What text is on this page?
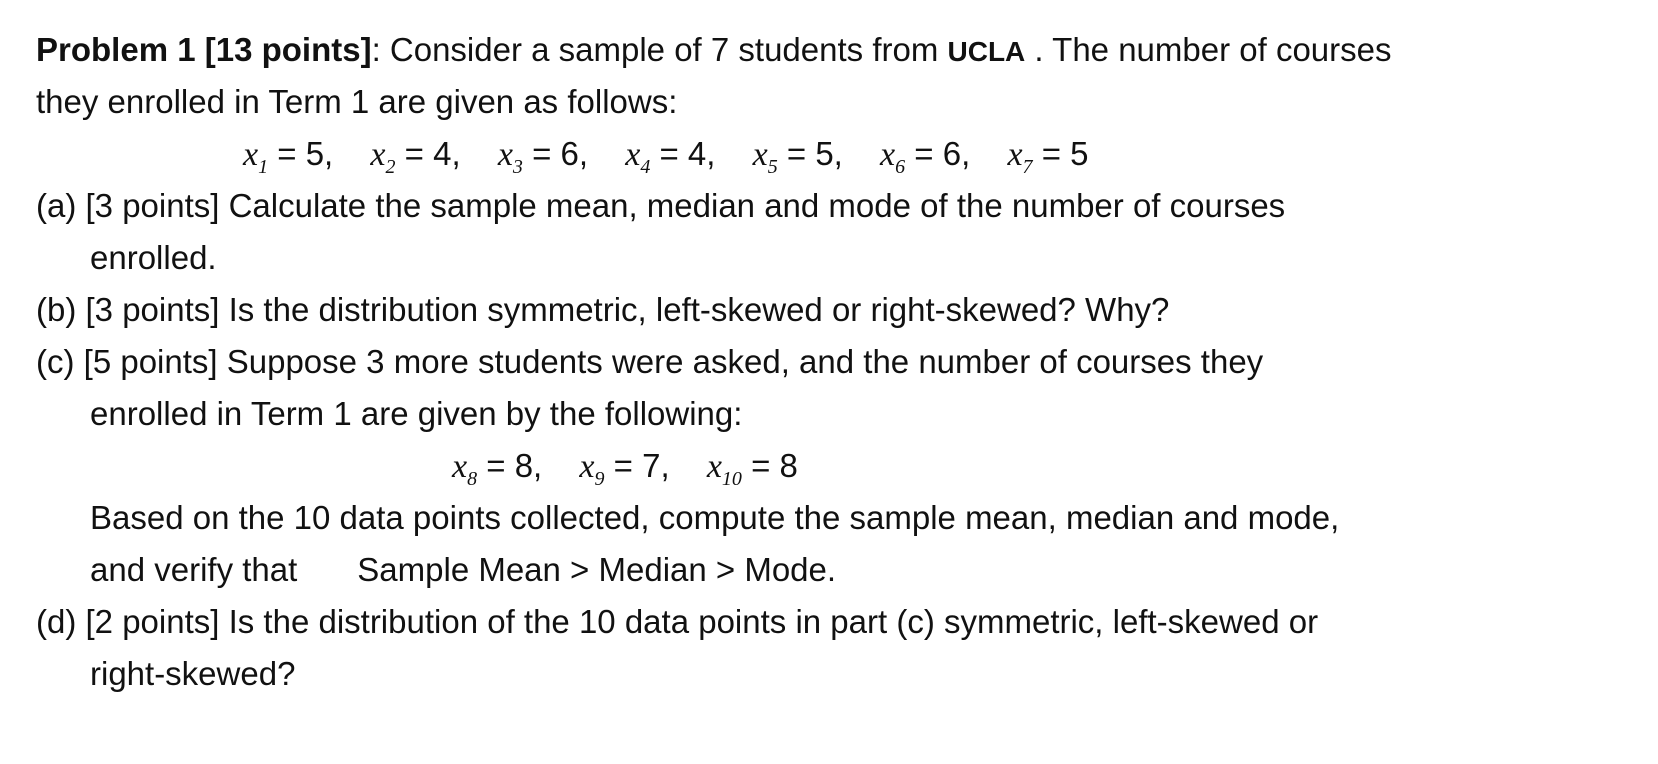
Problem 1 [13 points]: Consider a sample of 7 students from UCLA . The number of courses
they enrolled in Term 1 are given as follows:
$x_1 = 5$, $x_2 = 4$, $x_3 = 6$, $x_4 = 4$, $x_5 = 5$, $x_6 = 6$, $x_7 = 5$
(a) [3 points] Calculate the sample mean, median and mode of the number of courses
enrolled.
(b) [3 points] Is the distribution symmetric, left-skewed or right-skewed? Why?
(c) [5 points] Suppose 3 more students were asked, and the number of courses they
enrolled in Term 1 are given by the following:
$x_8 = 8$, $x_9 = 7$, $x_{10} = 8$
Based on the 10 data points collected, compute the sample mean, median and mode,
and verify that Sample Mean > Median > Mode.
(d) [2 points] Is the distribution of the 10 data points in part (c) symmetric, left-skewed or
right-skewed?
